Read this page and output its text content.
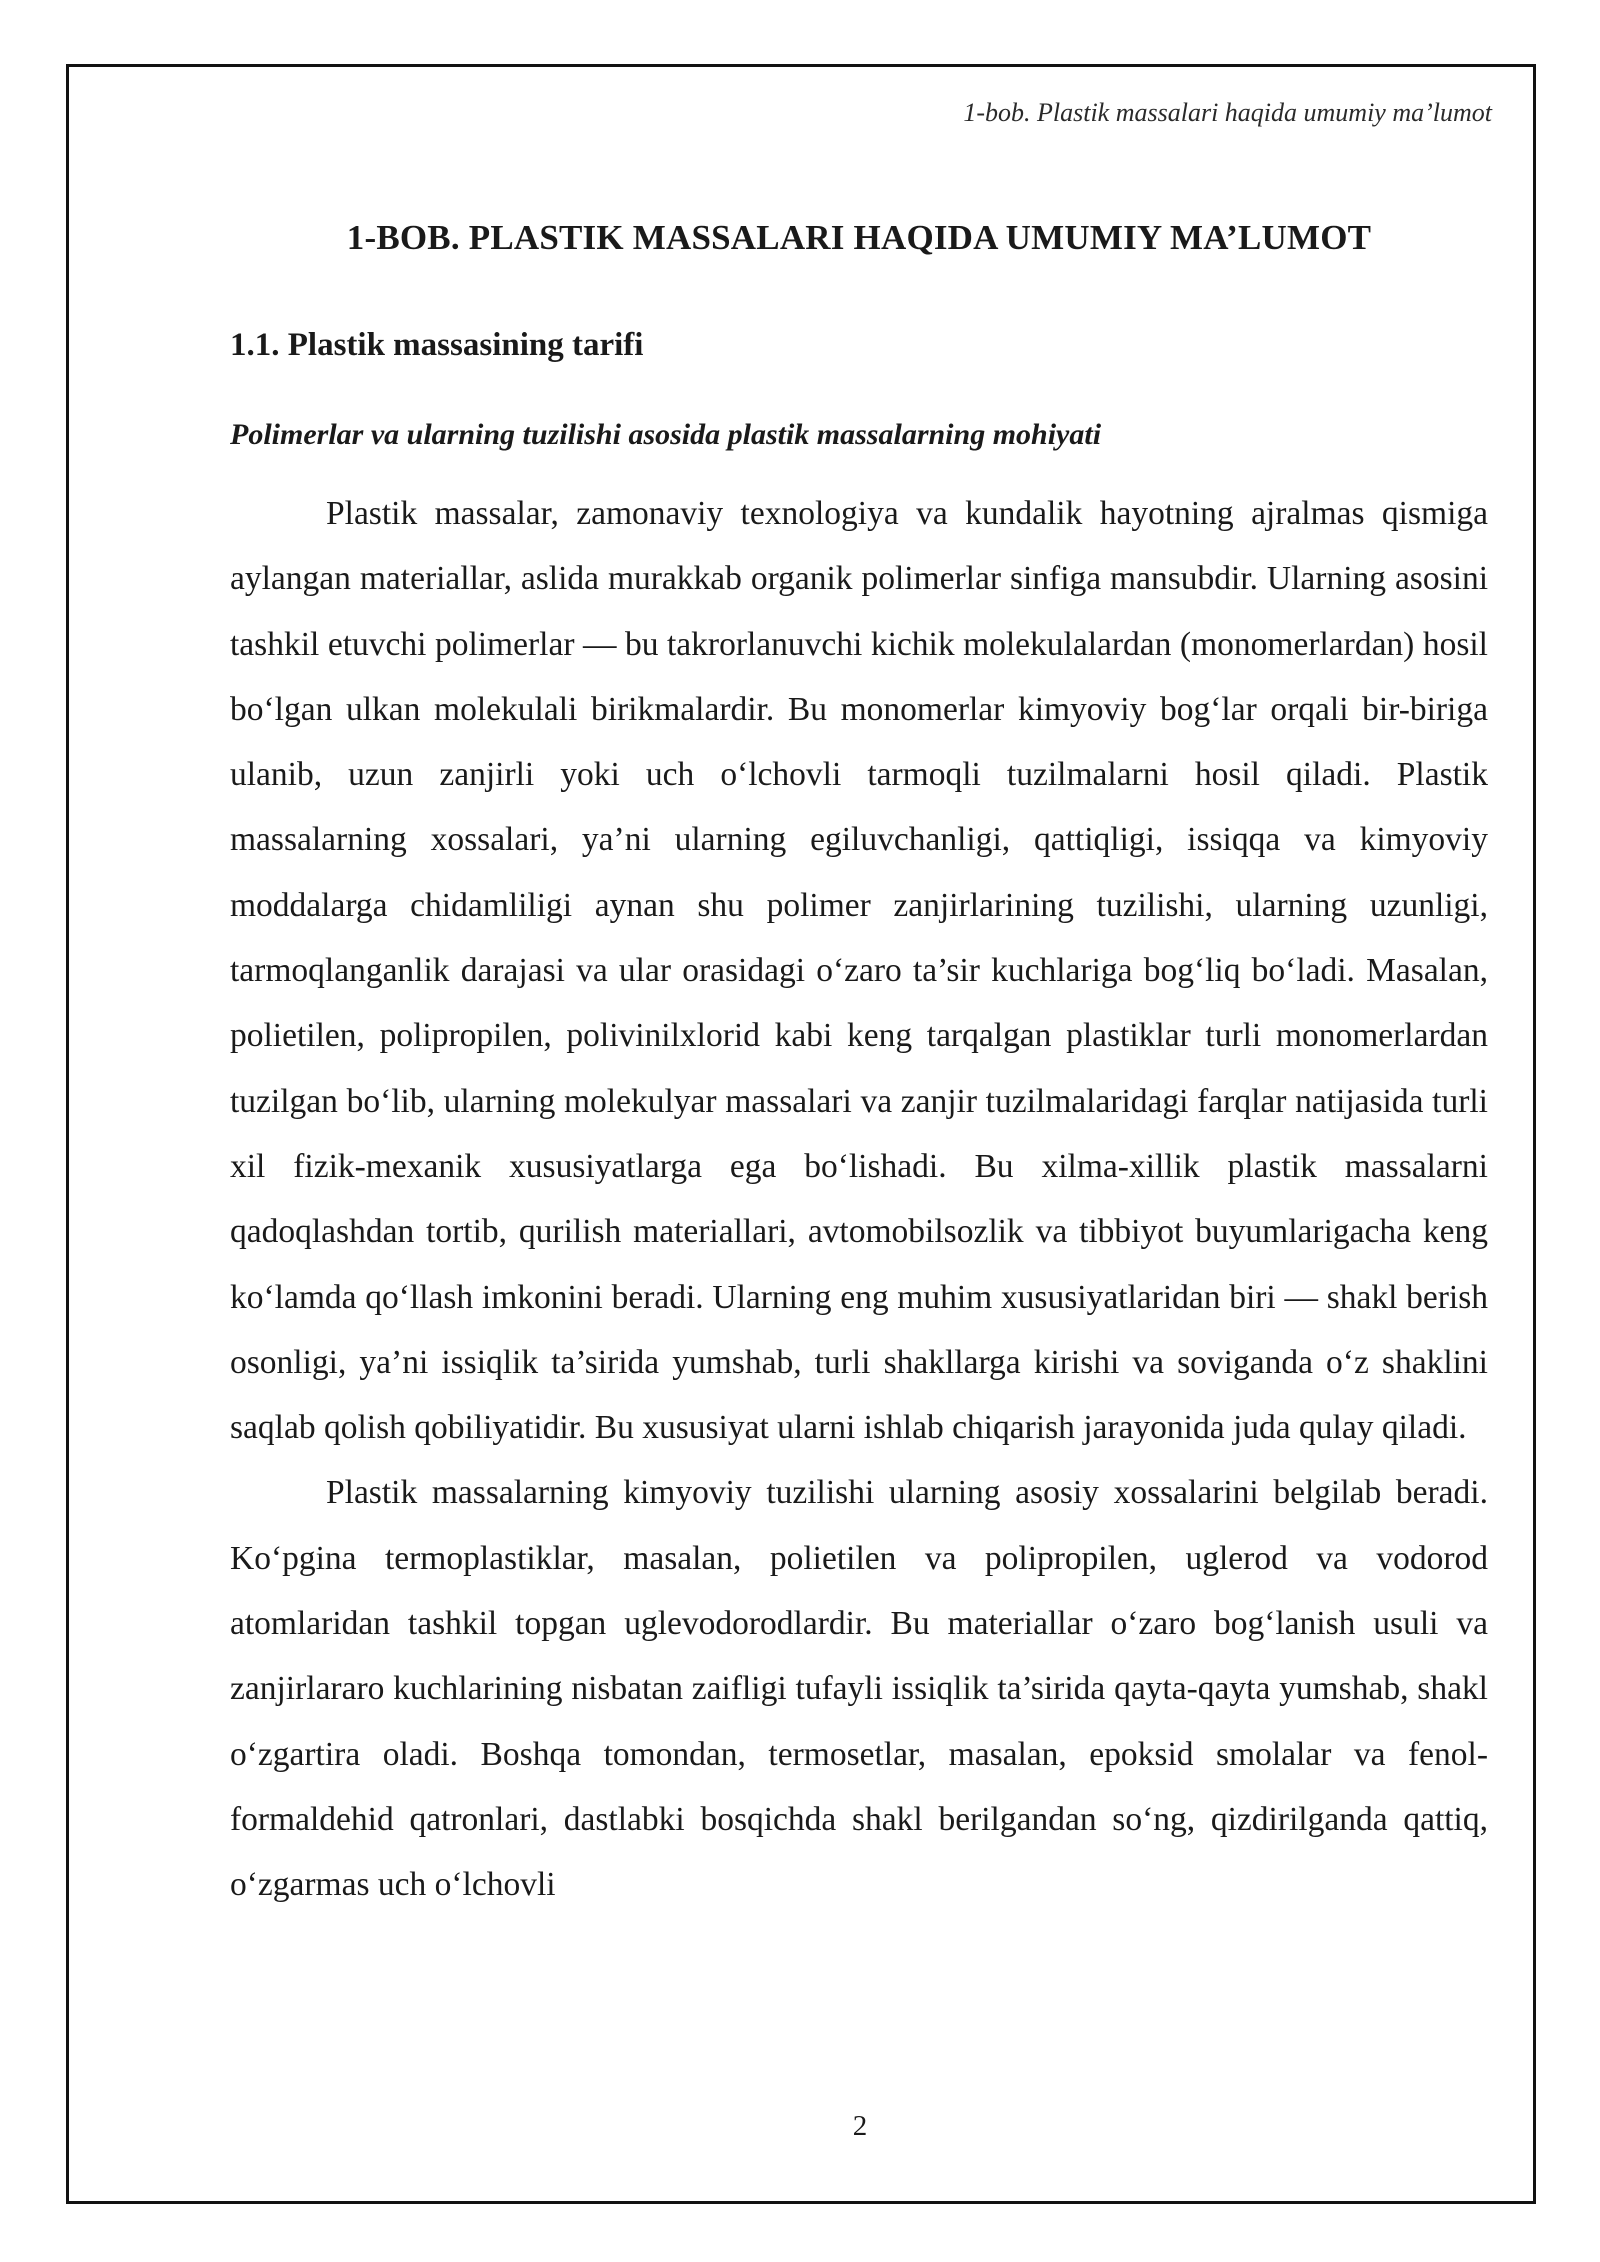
1-bob. Plastik massalari haqida umumiy ma’lumot
1-BOB. PLASTIK MASSALARI HAQIDA UMUMIY MA’LUMOT
1.1. Plastik massasining tarifi
Polimerlar va ularning tuzilishi asosida plastik massalarning mohiyati

Plastik massalar, zamonaviy texnologiya va kundalik hayotning ajralmas qismiga aylangan materiallar, aslida murakkab organik polimerlar sinfiga mansubdir. Ularning asosini tashkil etuvchi polimerlar — bu takrorlanuvchi kichik molekulalardan (monomerlardan) hosil bo‘lgan ulkan molekulali birikmalardir. Bu monomerlar kimyoviy bog‘lar orqali bir-biriga ulanib, uzun zanjirli yoki uch o‘lchovli tarmoqli tuzilmalarni hosil qiladi. Plastik massalarning xossalari, ya’ni ularning egiluvchanligi, qattiqligi, issiqqa va kimyoviy moddalarga chidamliligi aynan shu polimer zanjirlarining tuzilishi, ularning uzunligi, tarmoqlanganlik darajasi va ular orasidagi o‘zaro ta’sir kuchlariga bog‘liq bo‘ladi. Masalan, polietilen, polipropilen, polivinilxlorid kabi keng tarqalgan plastiklar turli monomerlardan tuzilgan bo‘lib, ularning molekulyar massalari va zanjir tuzilmalaridagi farqlar natijasida turli xil fizik-mexanik xususiyatlarga ega bo‘lishadi. Bu xilma-xillik plastik massalarni qadoqlashdan tortib, qurilish materiallari, avtomobilsozlik va tibbiyot buyumlarigacha keng ko‘lamda qo‘llash imkonini beradi. Ularning eng muhim xususiyatlaridan biri — shakl berish osonligi, ya’ni issiqlik ta’sirida yumshab, turli shakllarga kirishi va soviganda o‘z shaklini saqlab qolish qobiliyatidir. Bu xususiyat ularni ishlab chiqarish jarayonida juda qulay qiladi.

Plastik massalarning kimyoviy tuzilishi ularning asosiy xossalarini belgilab beradi. Ko‘pgina termoplastiklar, masalan, polietilen va polipropilen, uglerod va vodorod atomlaridan tashkil topgan uglevodorodlardir. Bu materiallar o‘zaro bog‘lanish usuli va zanjirlararo kuchlarining nisbatan zaifligi tufayli issiqlik ta’sirida qayta-qayta yumshab, shakl o‘zgartira oladi. Boshqa tomondan, termosetlar, masalan, epoksid smolalar va fenol-formaldehid qatronlari, dastlabki bosqichda shakl berilgandan so‘ng, qizdirilganda qattiq, o‘zgarmas uch o‘lchovli

2
